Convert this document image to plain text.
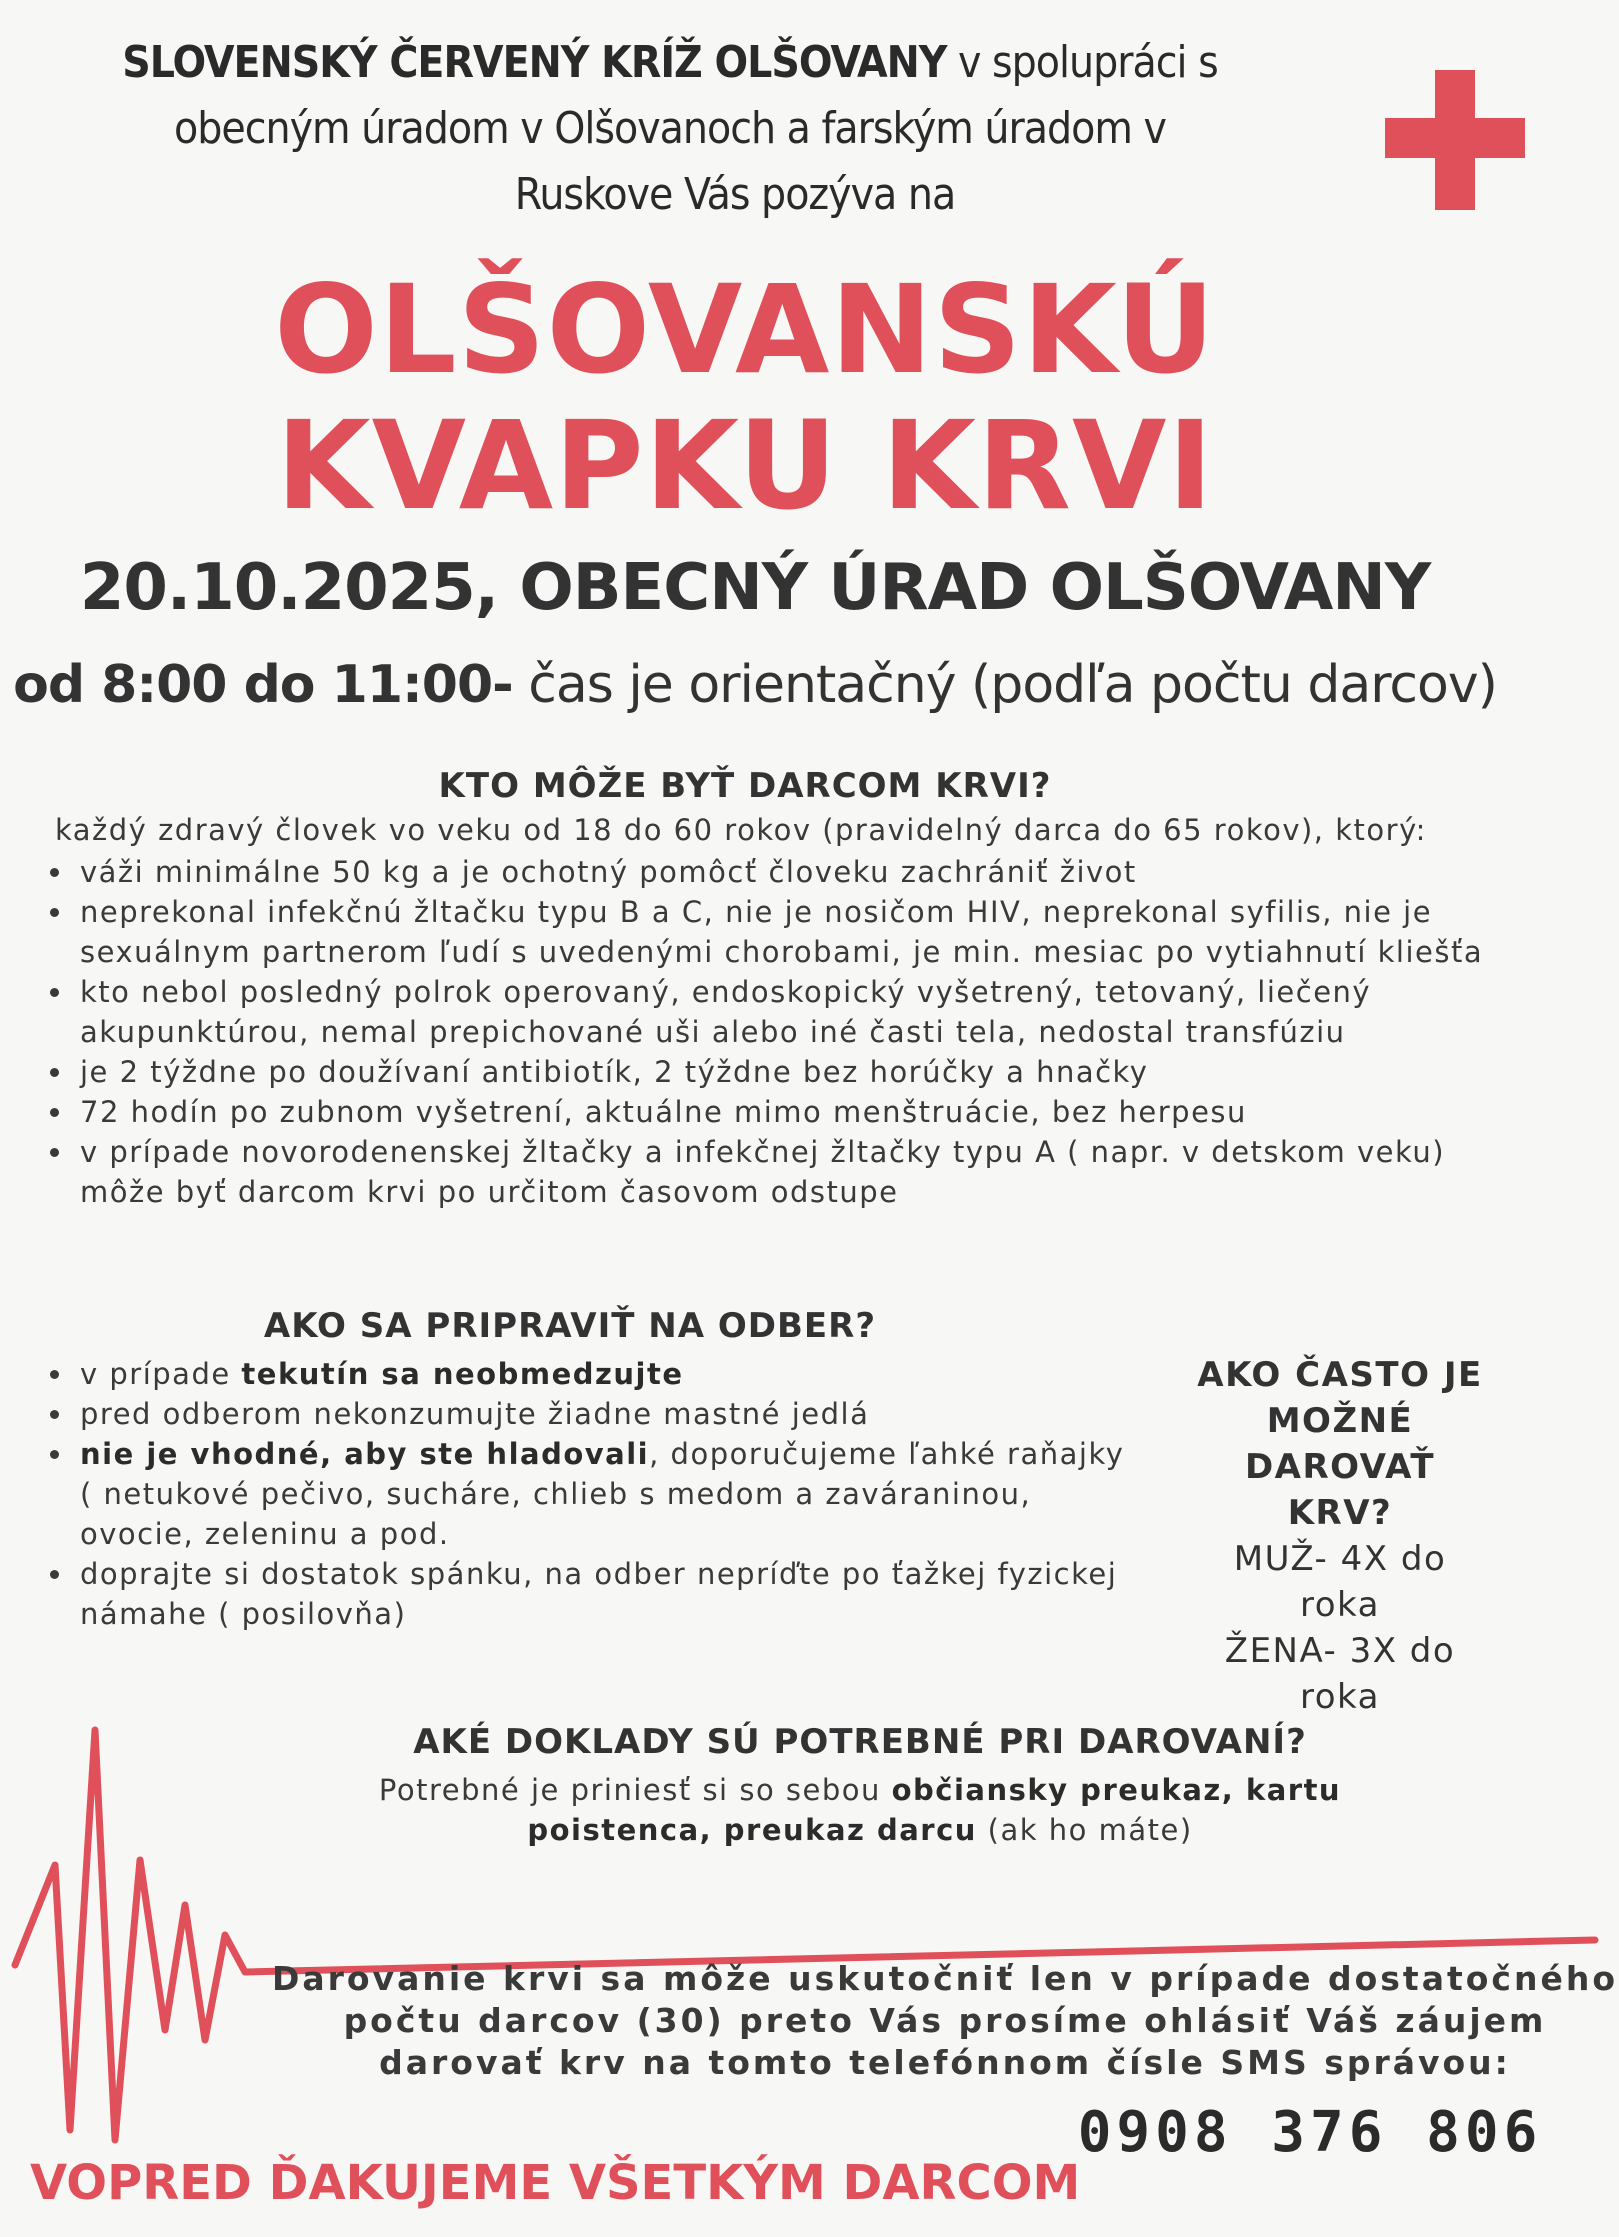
SLOVENSKÝ ČERVENÝ KRÍŽ OLŠOVANY v spolupráci s
obecným úradom v Olšovanoch a farským úradom v
Ruskove Vás pozýva na
OLŠOVANSKÚ
KVAPKU KRVI
20.10.2025, OBECNÝ ÚRAD OLŠOVANY
od 8:00 do 11:00- čas je orientačný (podľa počtu darcov)
KTO MÔŽE BYŤ DARCOM KRVI?
každý zdravý človek vo veku od 18 do 60 rokov (pravidelný darca do 65 rokov), ktorý:
váži minimálne 50 kg a je ochotný pomôcť človeku zachrániť život
neprekonal infekčnú žltačku typu B a C, nie je nosičom HIV, neprekonal syfilis, nie je sexuálnym partnerom ľudí s uvedenými chorobami, je min. mesiac po vytiahnutí kliešťa
kto nebol posledný polrok operovaný, endoskopický vyšetrený, tetovaný, liečený akupunktúrou, nemal prepichované uši alebo iné časti tela, nedostal transfúziu
je 2 týždne po doužívaní antibiotík, 2 týždne bez horúčky a hnačky
72 hodín po zubnom vyšetrení, aktuálne mimo menštruácie, bez herpesu
v prípade novorodenenskej žltačky a infekčnej žltačky typu A ( napr. v detskom veku) môže byť darcom krvi po určitom časovom odstupe
AKO SA PRIPRAVIŤ NA ODBER?
v prípade tekutín sa neobmedzujte
pred odberom nekonzumujte žiadne mastné jedlá
nie je vhodné, aby ste hladovali, doporučujeme ľahké raňajky ( netukové pečivo, sucháre, chlieb s medom a zaváraninou, ovocie, zeleninu a pod.
doprajte si dostatok spánku, na odber nepríďte po ťažkej fyzickej námahe ( posilovňa)
AKO ČASTO JE
MOŽNÉ
DAROVAŤ KRV?
MUŽ- 4X do roka
ŽENA- 3X do
roka
AKÉ DOKLADY SÚ POTREBNÉ PRI DAROVANÍ?
Potrebné je priniesť si so sebou občiansky preukaz, kartu poistenca, preukaz darcu (ak ho máte)
Darovanie krvi sa môže uskutočniť len v prípade dostatočného
počtu darcov (30) preto Vás prosíme ohlásiť Váš záujem
darovať krv na tomto telefónnom čísle SMS správou:
0908 376 806
VOPRED ĎAKUJEME VŠETKÝM DARCOM
